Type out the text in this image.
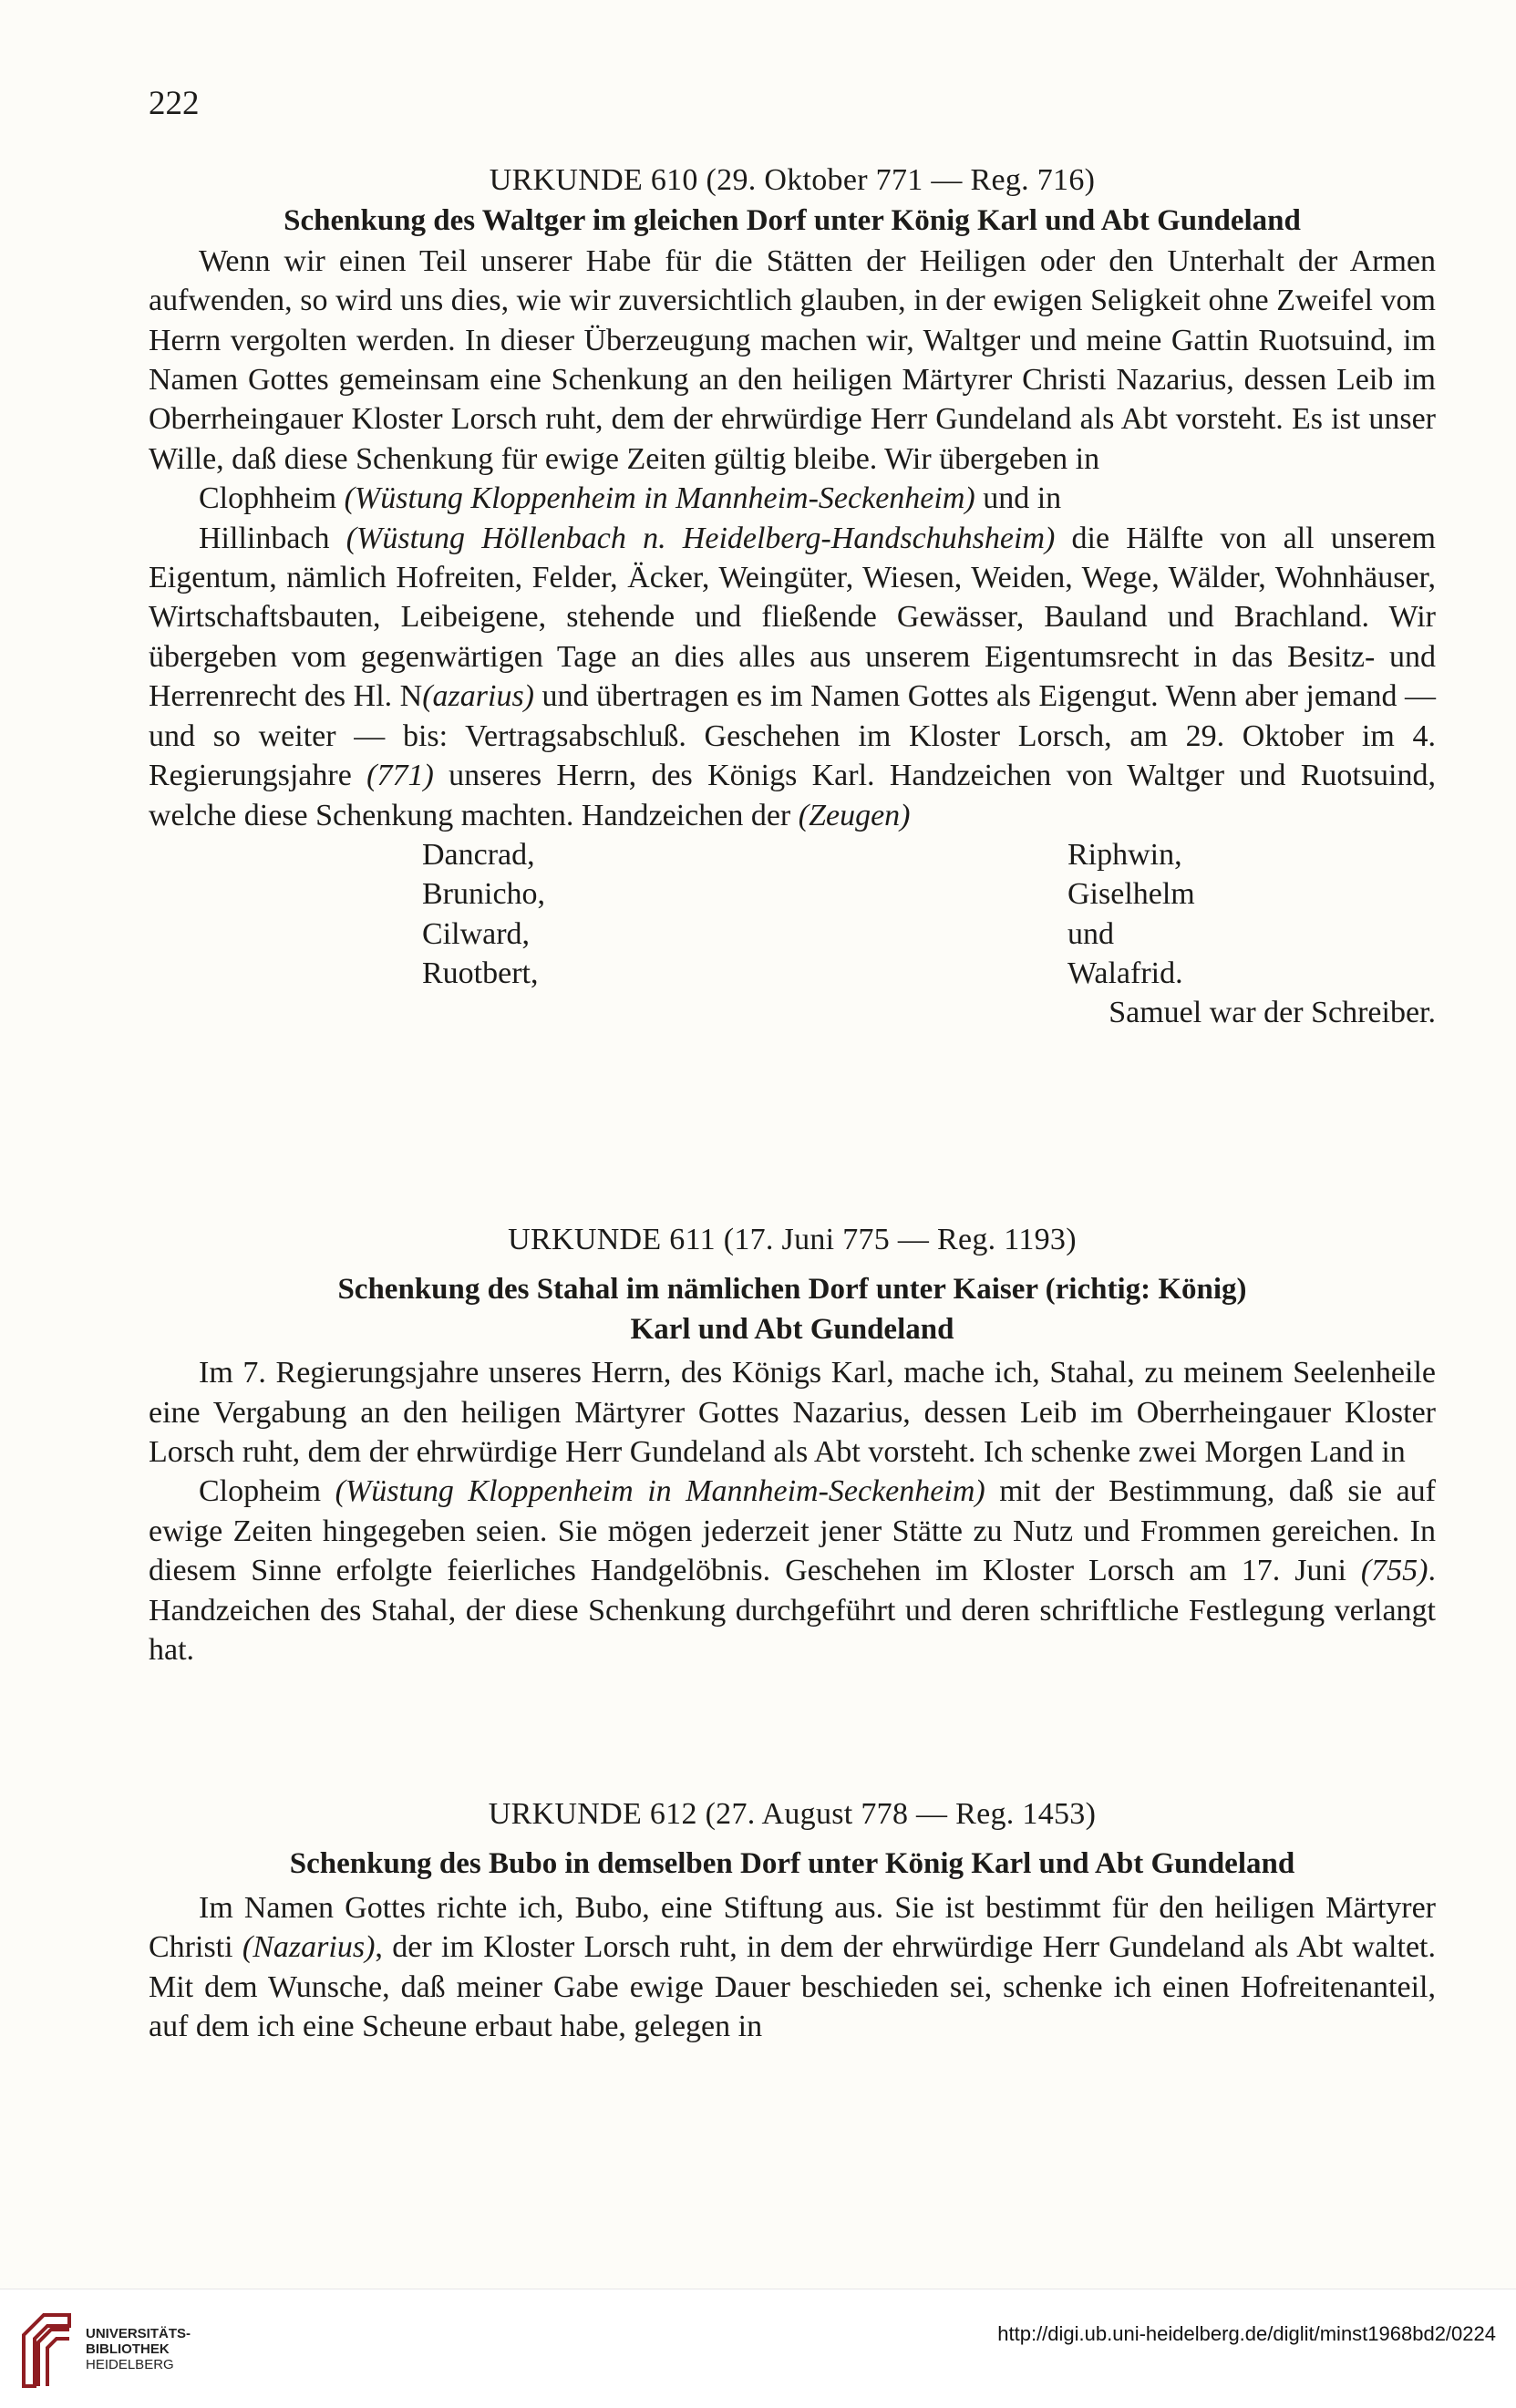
222

URKUNDE 610 (29. Oktober 771 — Reg. 716)

Schenkung des Waltger im gleichen Dorf unter König Karl und Abt Gundeland

Wenn wir einen Teil unserer Habe für die Stätten der Heiligen oder den Unterhalt der Armen aufwenden, so wird uns dies, wie wir zuversichtlich glauben, in der ewigen Seligkeit ohne Zweifel vom Herrn vergolten werden. In dieser Überzeugung machen wir, Waltger und meine Gattin Ruotsuind, im Namen Gottes gemeinsam eine Schenkung an den heiligen Märtyrer Christi Nazarius, dessen Leib im Oberrheingauer Kloster Lorsch ruht, dem der ehrwürdige Herr Gundeland als Abt vorsteht. Es ist unser Wille, daß diese Schenkung für ewige Zeiten gültig bleibe. Wir übergeben in

Clophheim (Wüstung Kloppenheim in Mannheim-Seckenheim) und in

Hillinbach (Wüstung Höllenbach n. Heidelberg-Handschuhsheim) die Hälfte von all unserem Eigentum, nämlich Hofreiten, Felder, Äcker, Weingüter, Wiesen, Weiden, Wege, Wälder, Wohnhäuser, Wirtschaftsbauten, Leibeigene, stehende und fließende Gewässer, Bauland und Brachland. Wir übergeben vom gegenwärtigen Tage an dies alles aus unserem Eigentumsrecht in das Besitz- und Herrenrecht des Hl. N(azarius) und übertragen es im Namen Gottes als Eigengut. Wenn aber jemand — und so weiter — bis: Vertragsabschluß. Geschehen im Kloster Lorsch, am 29. Oktober im 4. Regierungsjahre (771) unseres Herrn, des Königs Karl. Handzeichen von Waltger und Ruotsuind, welche diese Schenkung machten. Handzeichen der (Zeugen)

Dancrad,	Riphwin,
Brunicho,	Giselhelm
Cilward,	und
Ruotbert,	Walafrid.

Samuel war der Schreiber.

URKUNDE 611 (17. Juni 775 — Reg. 1193)

Schenkung des Stahal im nämlichen Dorf unter Kaiser (richtig: König)

Karl und Abt Gundeland

Im 7. Regierungsjahre unseres Herrn, des Königs Karl, mache ich, Stahal, zu meinem Seelenheile eine Vergabung an den heiligen Märtyrer Gottes Nazarius, dessen Leib im Oberrheingauer Kloster Lorsch ruht, dem der ehrwürdige Herr Gundeland als Abt vorsteht. Ich schenke zwei Morgen Land in

Clopheim (Wüstung Kloppenheim in Mannheim-Seckenheim) mit der Bestimmung, daß sie auf ewige Zeiten hingegeben seien. Sie mögen jederzeit jener Stätte zu Nutz und Frommen gereichen. In diesem Sinne erfolgte feierliches Handgelöbnis. Geschehen im Kloster Lorsch am 17. Juni (755). Handzeichen des Stahal, der diese Schenkung durchgeführt und deren schriftliche Festlegung verlangt hat.

URKUNDE 612 (27. August 778 — Reg. 1453)

Schenkung des Bubo in demselben Dorf unter König Karl und Abt Gundeland

Im Namen Gottes richte ich, Bubo, eine Stiftung aus. Sie ist bestimmt für den heiligen Märtyrer Christi (Nazarius), der im Kloster Lorsch ruht, in dem der ehrwürdige Herr Gundeland als Abt waltet. Mit dem Wunsche, daß meiner Gabe ewige Dauer beschieden sei, schenke ich einen Hofreitenanteil, auf dem ich eine Scheune erbaut habe, gelegen in

UNIVERSITÄTS-
BIBLIOTHEK
HEIDELBERG
http://digi.ub.uni-heidelberg.de/diglit/minst1968bd2/0224
